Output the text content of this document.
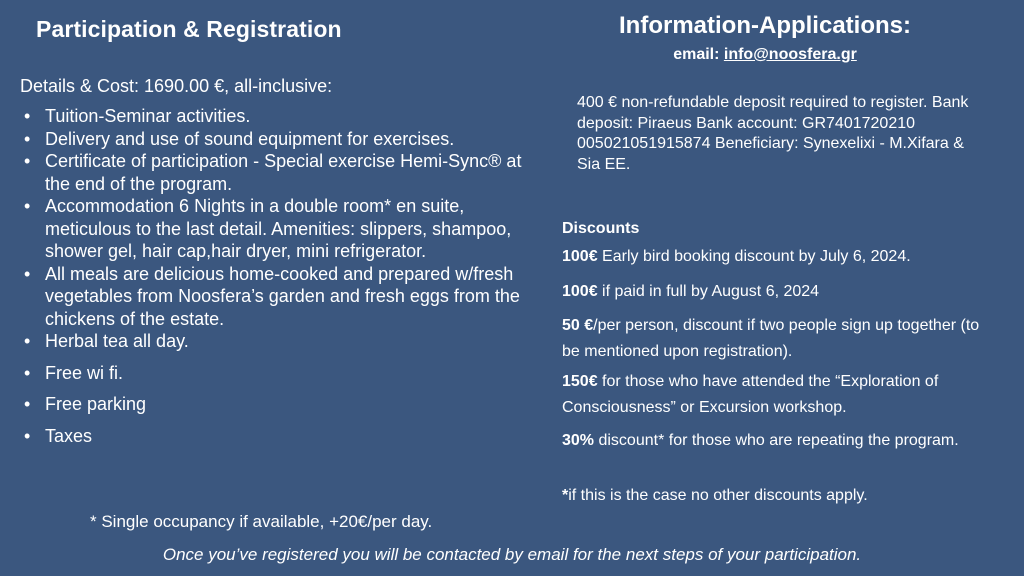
Participation & Registration	Information-Applications:
email: info@noosfera.gr
Details & Cost: 1690.00 €, all-inclusive:
• Tuition-Seminar activities.
• Delivery and use of sound equipment for exercises.
• Certificate of participation - Special exercise Hemi-Sync® at the end of the program.
• Accommodation 6 Nights in a double room* en suite, meticulous to the last detail. Amenities: slippers, shampoo, shower gel, hair cap,hair dryer, mini refrigerator.
• All meals are delicious home-cooked and prepared w/fresh vegetables from Noosfera’s garden and fresh eggs from the chickens of the estate.
• Herbal tea all day.
• Free wi fi.
• Free parking
• Taxes
* Single occupancy if available, +20€/per day.
400 € non-refundable deposit required to register. Bank deposit: Piraeus Bank account: GR7401720210 005021051915874 Beneficiary: Synexelixi - M.Xifara & Sia EE.
Discounts
100€ Early bird booking discount by July 6, 2024.
100€ if paid in full by August 6, 2024
50 €/per person, discount if two people sign up together (to be mentioned upon registration).
150€ for those who have attended the “Exploration of Consciousness” or Excursion workshop.
30% discount* for those who are repeating the program.
*if this is the case no other discounts apply.
Once you’ve registered you will be contacted by email for the next steps of your participation.
